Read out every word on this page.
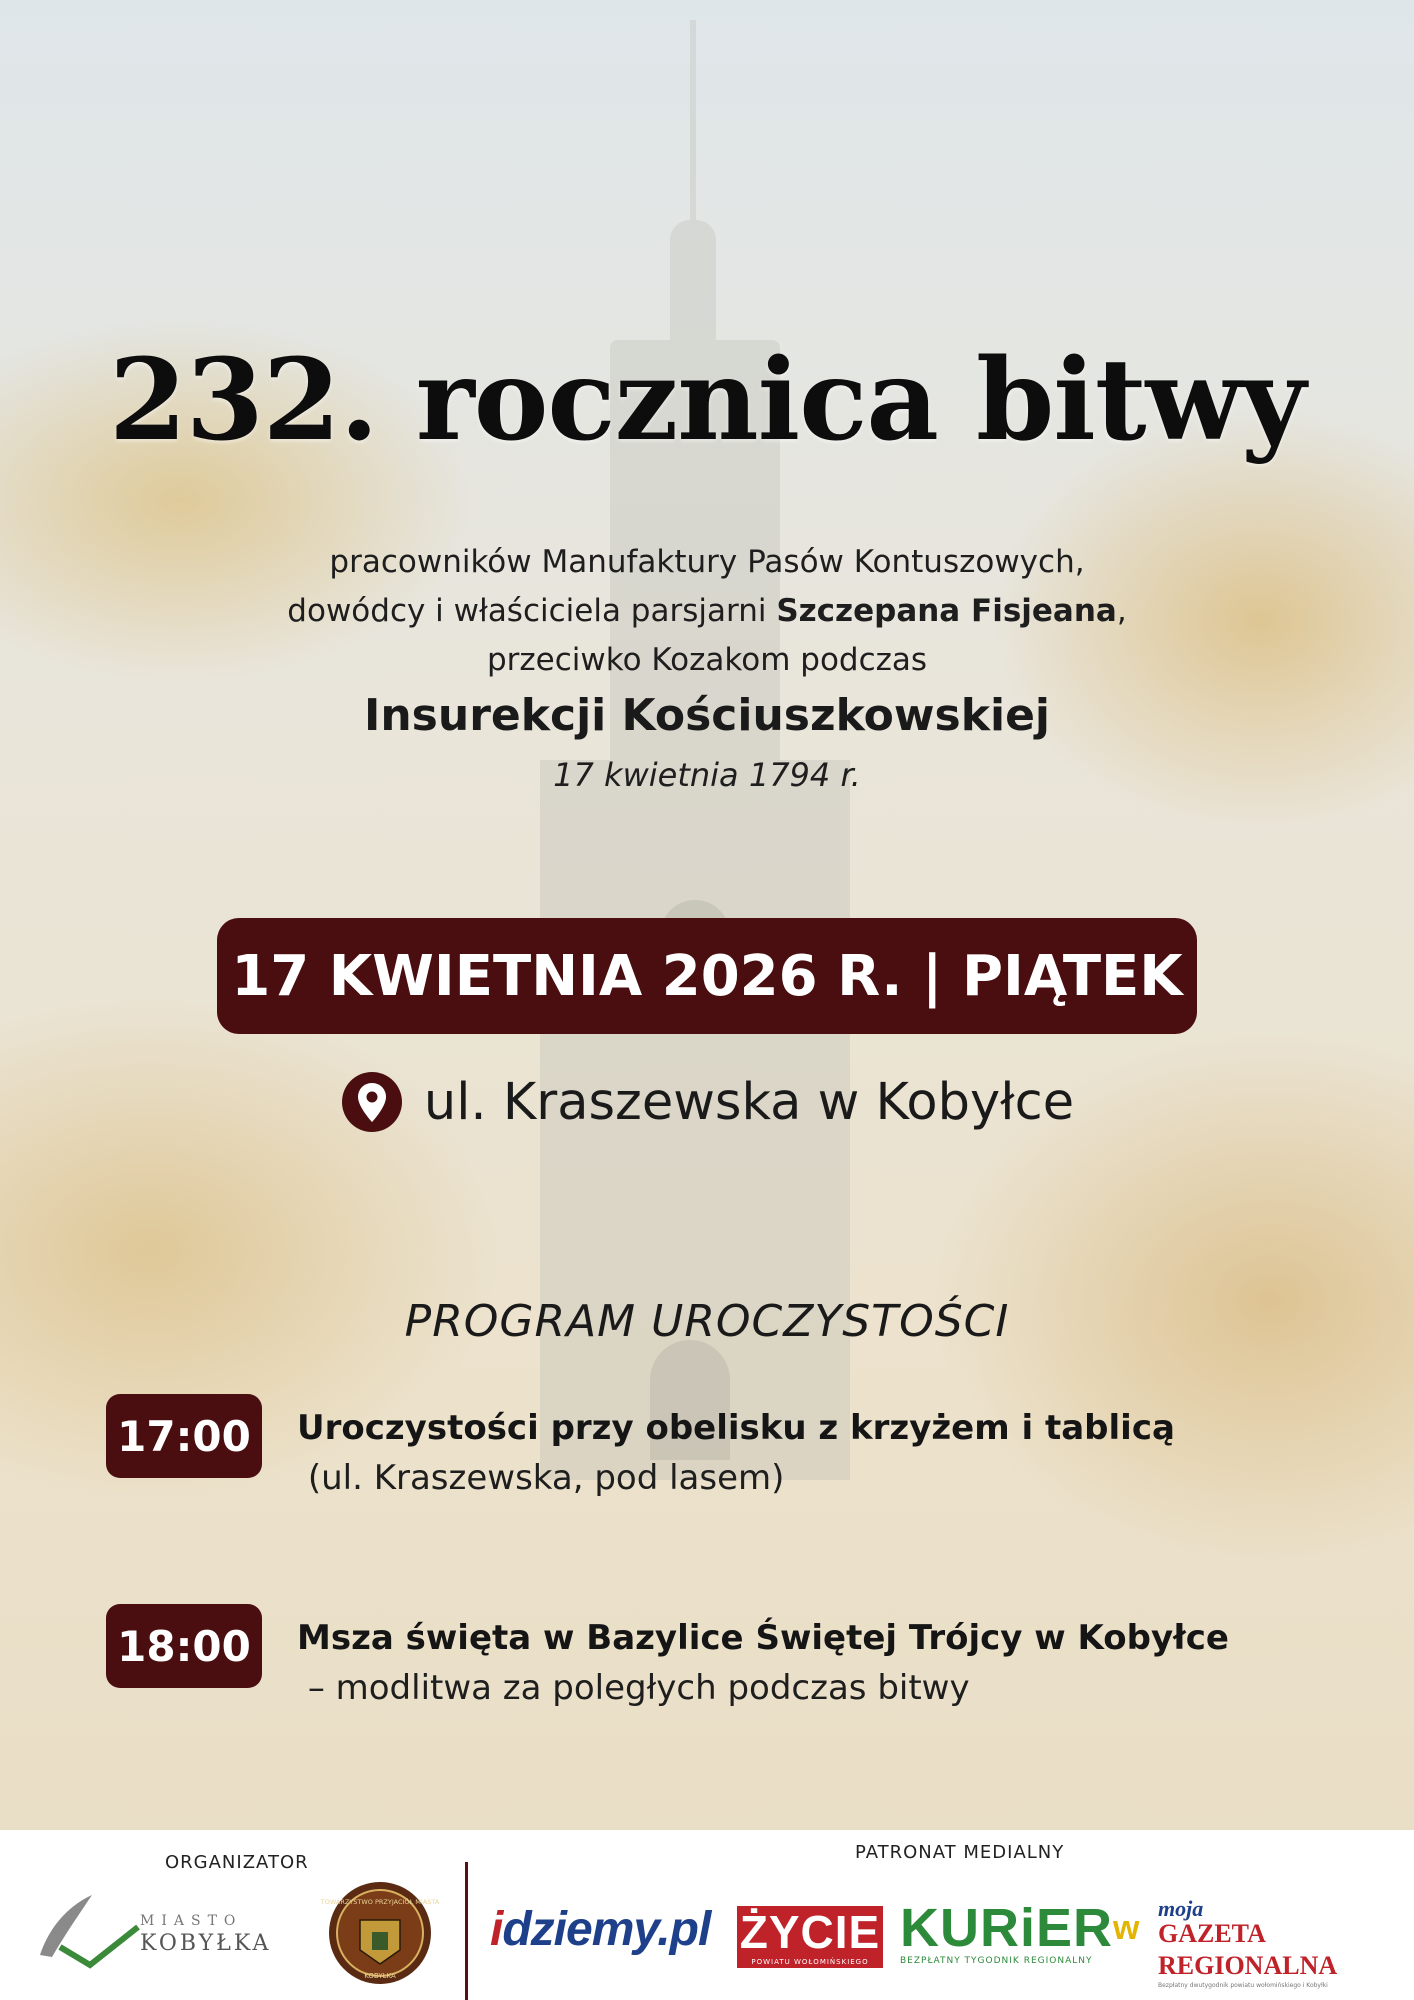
232. rocznica bitwy
pracowników Manufaktury Pasów Kontuszowych,
dowódcy i właściciela parsjarni Szczepana Fisjeana,
przeciwko Kozakom podczas
Insurekcji Kościuszkowskiej
17 kwietnia 1794 r.
17 KWIETNIA 2026 R. | PIĄTEK
ul. Kraszewska w Kobyłce
PROGRAM UROCZYSTOŚCI
17:00 Uroczystości przy obelisku z krzyżem i tablicą
(ul. Kraszewska, pod lasem)
18:00 Msza święta w Bazylice Świętej Trójcy w Kobyłce
– modlitwa za poległych podczas bitwy
ORGANIZATOR	PATRONAT MEDIALNY
MIASTO
KOBYŁKA
TOWARZYSTWO PRZYJACIÓŁ MIASTA
KOBYŁKA
idziemy.pl ŻYCIE
POWIATU WOŁOMIŃSKIEGO
KURiER$^w$
BEZPŁATNY TYGODNIK REGIONALNY
moja
GAZETA REGIONALNA
Bezpłatny dwutygodnik powiatu wołomińskiego i Kobyłki
